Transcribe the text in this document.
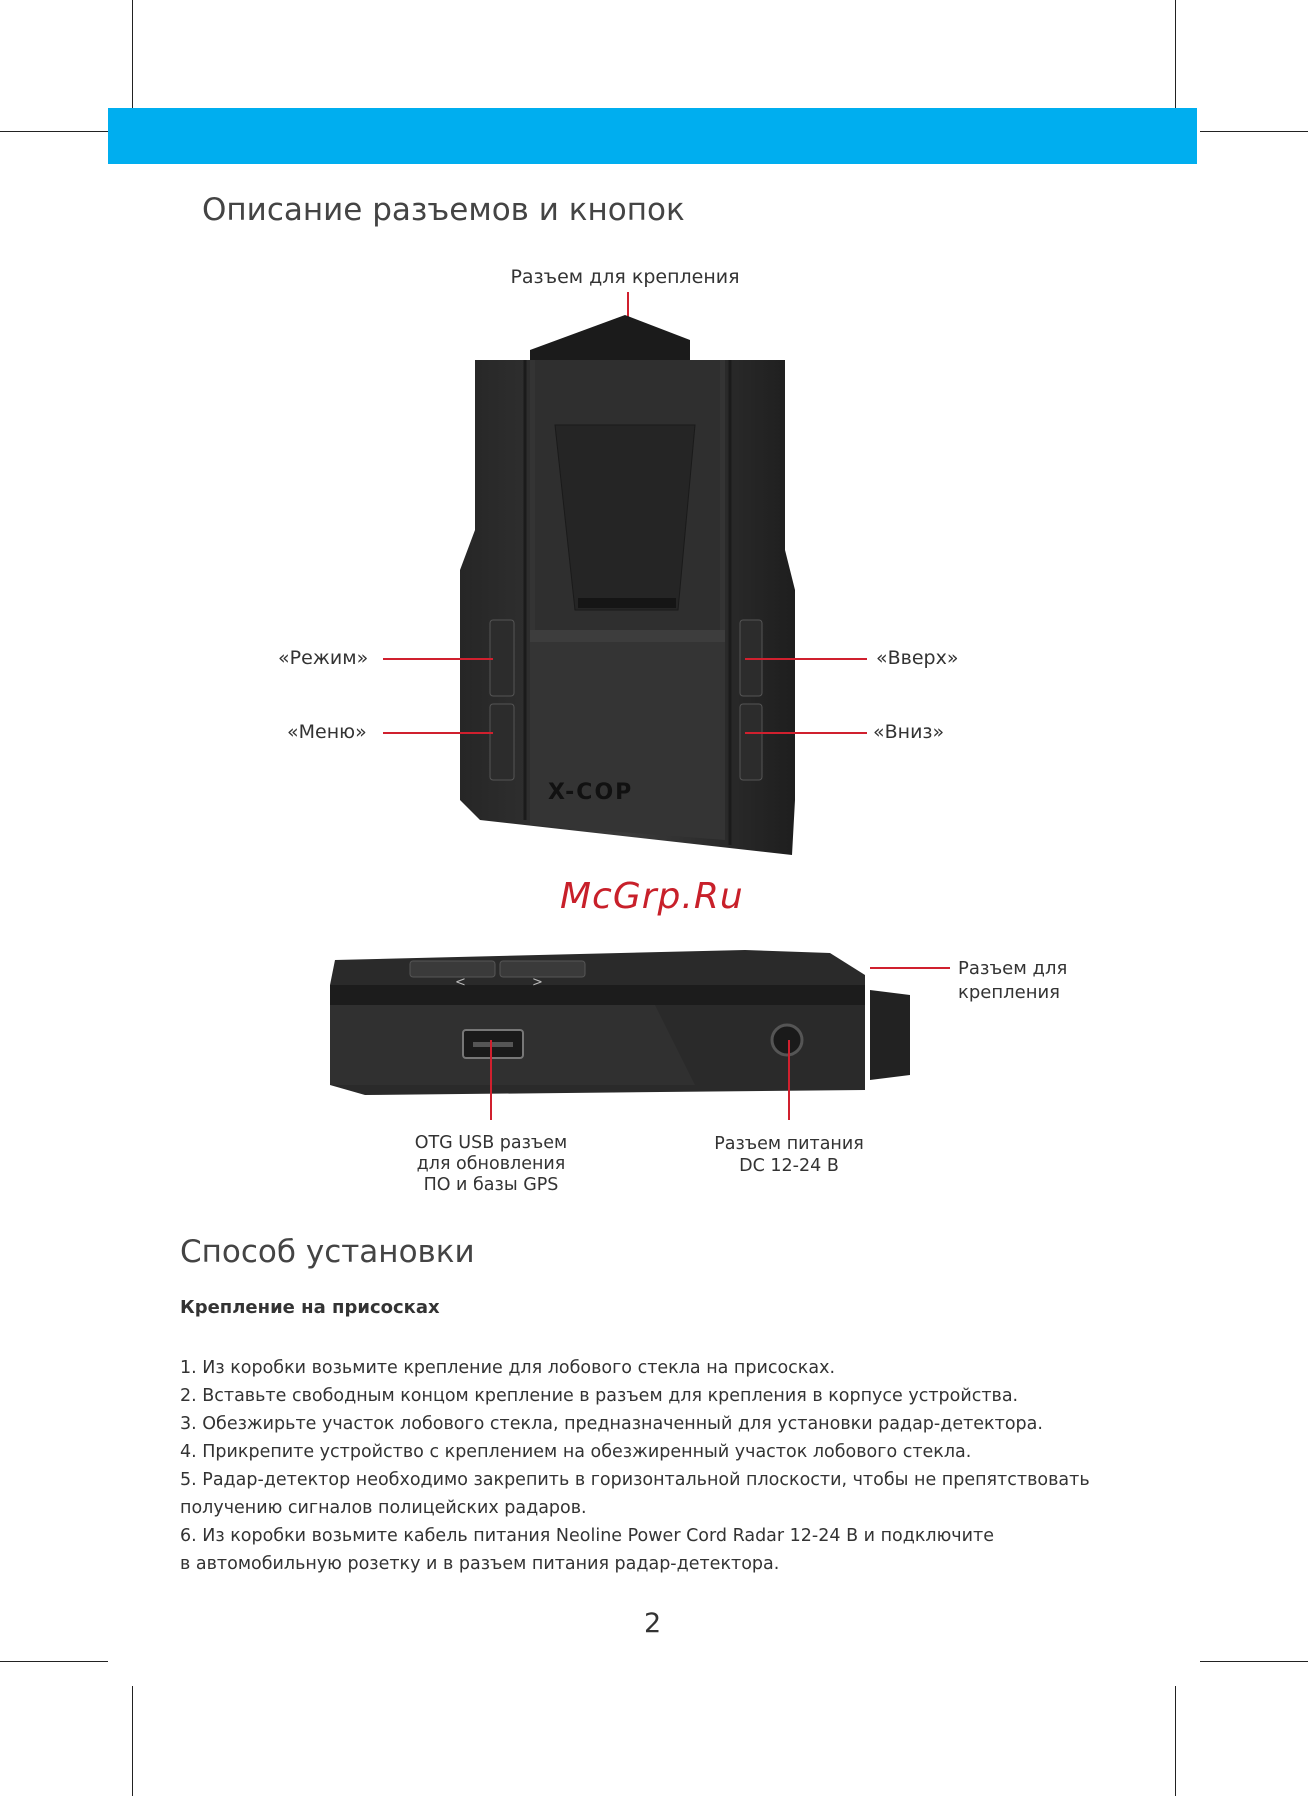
Описание разъемов и кнопок
Разъем для крепления
X-COP
«Режим»
«Меню»
«Вверх»
«Вниз»
McGrp.Ru
<	>
Разъем для
крепления
OTG USB разъем
для обновления
ПО и базы GPS
Разъем питания
DC 12-24 В
Способ установки
Крепление на присосках

1. Из коробки возьмите крепление для лобового стекла на присосках.

2. Вставьте свободным концом крепление в разъем для крепления в корпусе устройства.

3. Обезжирьте участок лобового стекла, предназначенный для установки радар-детектора.

4. Прикрепите устройство с креплением на обезжиренный участок лобового стекла.

5. Радар-детектор необходимо закрепить в горизонтальной плоскости, чтобы не препятствовать

получению сигналов полицейских радаров.

6. Из коробки возьмите кабель питания Neoline Power Cord Radar 12-24 В и подключите

в автомобильную розетку и в разъем питания радар-детектора.

2
